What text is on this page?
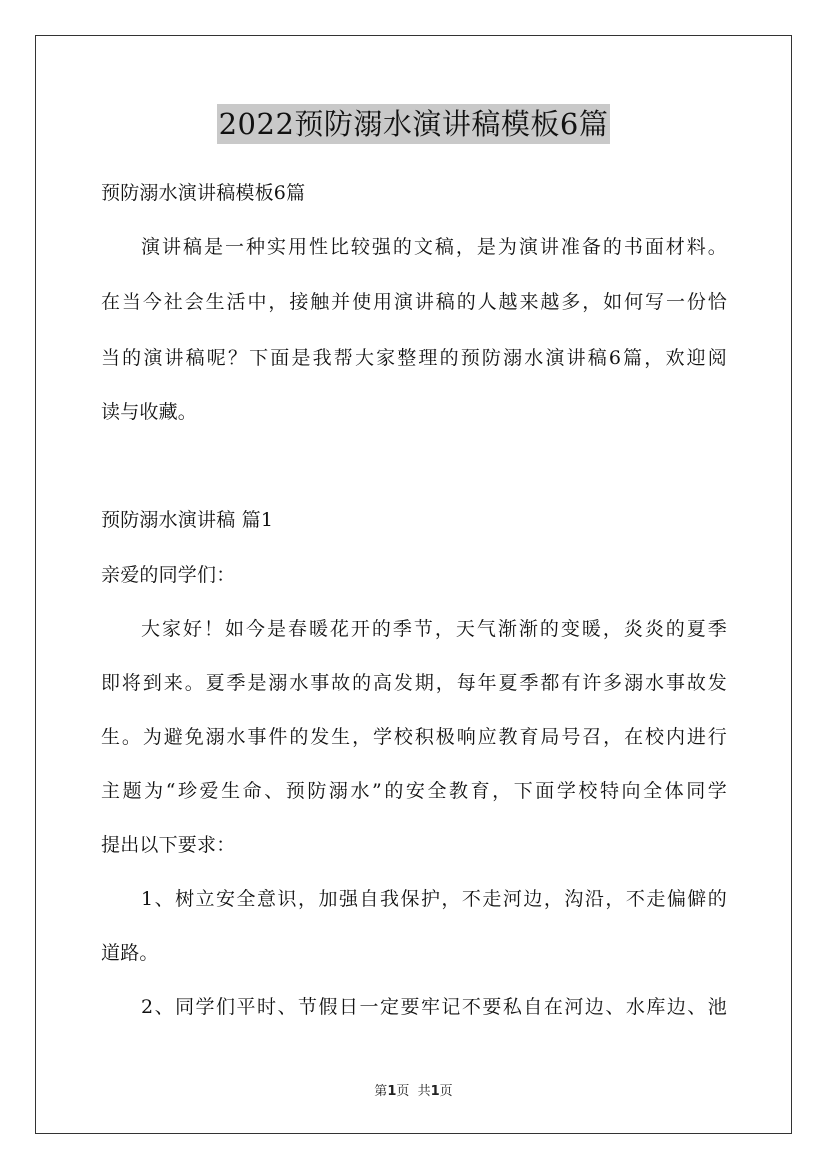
2022预防溺水演讲稿模板6篇
预防溺水演讲稿模板6篇
演讲稿是一种实用性比较强的文稿，是为演讲准备的书面材料。
在当今社会生活中，接触并使用演讲稿的人越来越多，如何写一份恰
当的演讲稿呢？下面是我帮大家整理的预防溺水演讲稿6篇，欢迎阅
读与收藏。
预防溺水演讲稿 篇1
亲爱的同学们：
大家好！如今是春暖花开的季节，天气渐渐的变暖，炎炎的夏季
即将到来。夏季是溺水事故的高发期，每年夏季都有许多溺水事故发
生。为避免溺水事件的发生，学校积极响应教育局号召，在校内进行
主题为“珍爱生命、预防溺水”的安全教育，下面学校特向全体同学
提出以下要求：
1、树立安全意识，加强自我保护，不走河边，沟沿，不走偏僻的
道路。
2、同学们平时、节假日一定要牢记不要私自在河边、水库边、池
第1页  共1页
